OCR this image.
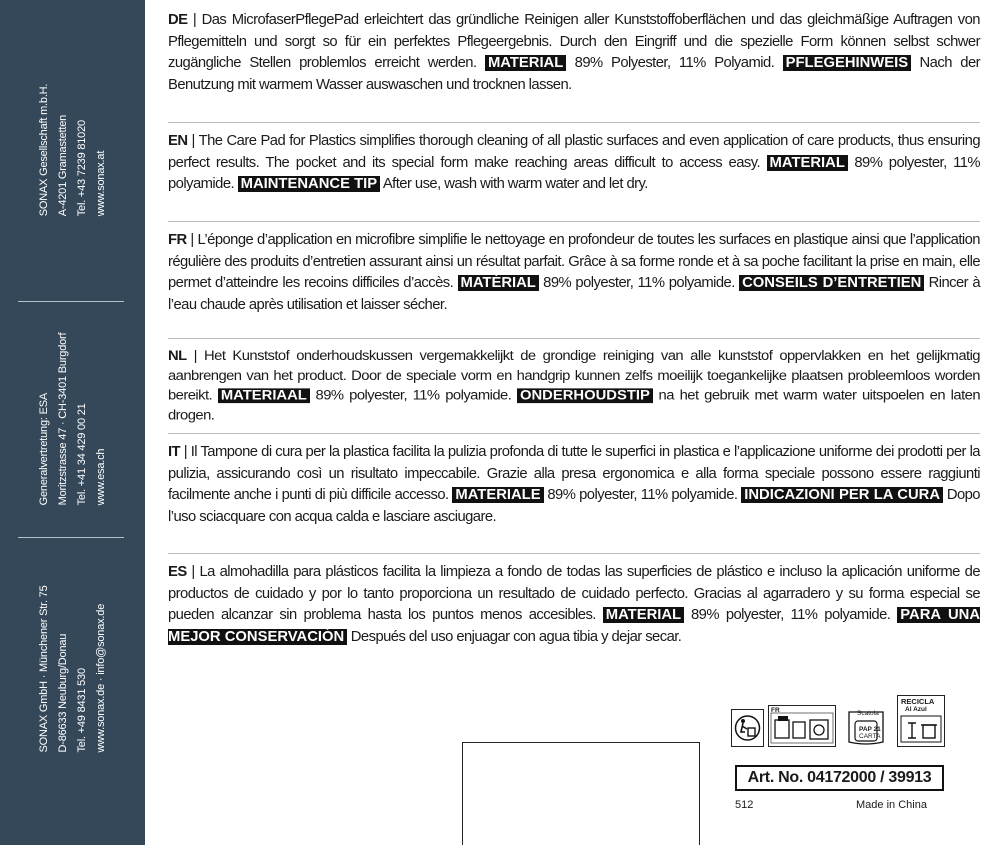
SONAX Gesellschaft m.b.H. A-4201 Gramastetten Tel. +43 7239 81020 www.sonax.at
Generalvertretung: ESA Moritzstrasse 47 · CH-3401 Burgdorf Tel. +41 34 429 00 21 www.esa.ch
SONAX GmbH · Münchener Str. 75 D-86633 Neuburg/Donau Tel. +49 8431 530 www.sonax.de · info@sonax.de
DE | Das MicrofaserPflegePad erleichtert das gründliche Reinigen aller Kunststoffoberflächen und das gleichmäßige Auftragen von Pflegemitteln und sorgt so für ein perfektes Pflegeergebnis. Durch den Eingriff und die spezielle Form können selbst schwer zugängliche Stellen problemlos erreicht werden. MATERIAL 89% Polyester, 11% Polyamid. PFLEGEHINWEIS Nach der Benutzung mit warmem Wasser auswaschen und trocknen lassen.
EN | The Care Pad for Plastics simplifies thorough cleaning of all plastic surfaces and even application of care products, thus ensuring perfect results. The pocket and its special form make reaching areas difficult to access easy. MATERIAL 89% polyester, 11% polyamide. MAINTENANCE TIP After use, wash with warm water and let dry.
FR | L’éponge d’application en microfibre simplifie le nettoyage en profondeur de toutes les surfaces en plastique ainsi que l’application régulière des produits d’entretien assurant ainsi un résultat parfait. Grâce à sa forme ronde et à sa poche facilitant la prise en main, elle permet d’atteindre les recoins difficiles d’accès. MATÉRIAL 89% polyester, 11% polyamide. CONSEILS D’ENTRETIEN Rincer à l’eau chaude après utilisation et laisser sécher.
NL | Het Kunststof onderhoudskussen vergemakkelijkt de grondige reiniging van alle kunststof oppervlakken en het gelijkmatig aanbrengen van het product. Door de speciale vorm en handgrip kunnen zelfs moeilijk toegankelijke plaatsen probleemloos worden bereikt. MATERIAAL 89% polyester, 11% polyamide. ONDERHOUDSTIP na het gebruik met warm water uitspoelen en laten drogen.
IT | Il Tampone di cura per la plastica facilita la pulizia profonda di tutte le superfici in plastica e l’applicazione uniforme dei prodotti per la pulizia, assicurando così un risultato impeccabile. Grazie alla presa ergonomica e alla forma speciale possono essere raggiunti facilmente anche i punti di più difficile accesso. MATERIALE 89% polyester, 11% polyamide. INDICAZIONI PER LA CURA Dopo l’uso sciacquare con acqua calda e lasciare asciugare.
ES | La almohadilla para plásticos facilita la limpieza a fondo de todas las superficies de plástico e incluso la aplicación uniforme de productos de cuidado y por lo tanto proporciona un resultado de cuidado perfecto. Gracias al agarradero y su forma especial se pueden alcanzar sin problema hasta los puntos menos accesibles. MATERIAL 89% polyester, 11% polyamide. PARA UNA MEJOR CONSERVACIÓN Después del uso enjuagar con agua tibia y dejar secar.
FR	Scatola
PAP 21
CARTA
RECICLA
Al Azul
Art. No. 04172000 / 39913
512	Made in China
